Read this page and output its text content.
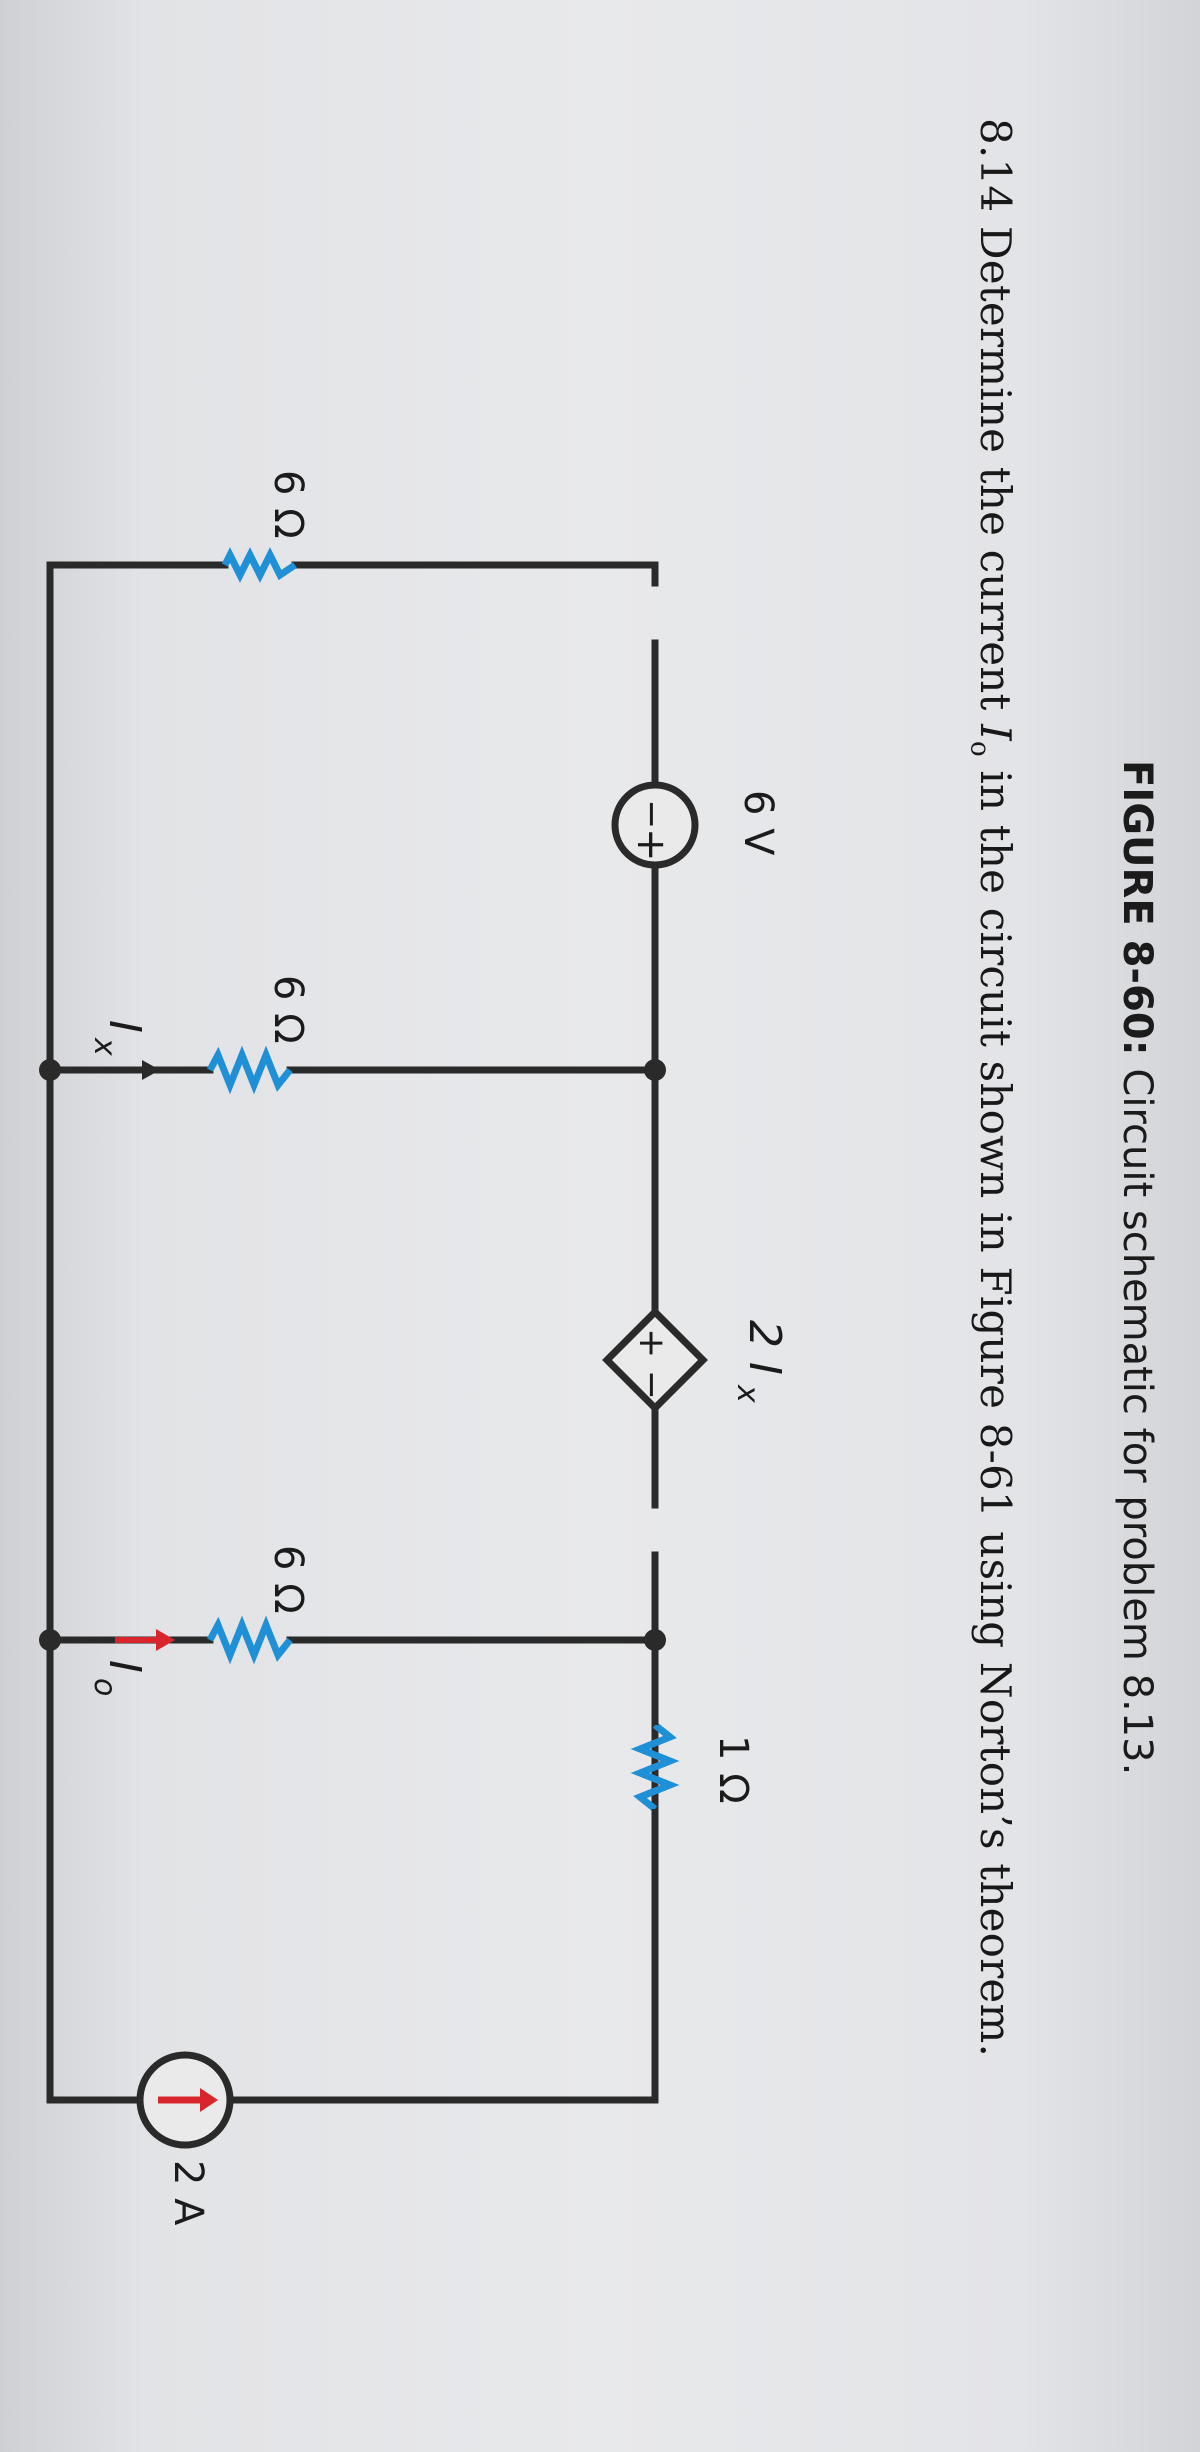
FIGURE 8-60: Circuit schematic for problem 8.13.
8.14 Determine the current $I_o$ in the circuit shown in Figure 8-61 using Norton’s theorem.
6 Ω
6 V
−
+
2 I
x
+ −
6 Ω
6 Ω
1 Ω
2 A
I
x
I
o
